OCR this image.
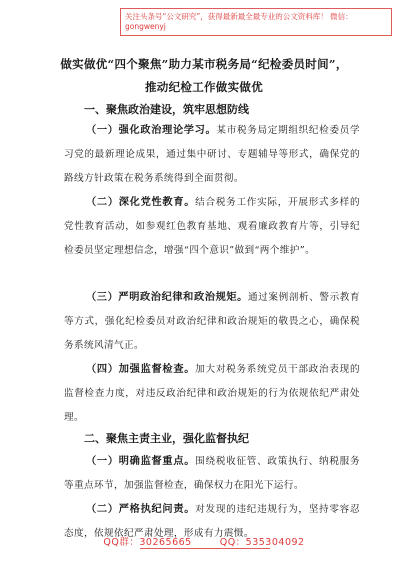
关注头条号“公文研究”，获得最新最全最专业的公文资料库！ 微信：gongwenyj
做实做优“四个聚焦”助力某市税务局“纪检委员时间”，
推动纪检工作做实做优
一、聚焦政治建设，筑牢思想防线
（一）强化政治理论学习。某市税务局定期组织纪检委员学习党的最新理论成果，通过集中研讨、专题辅导等形式，确保党的路线方针政策在税务系统得到全面贯彻。
（二）深化党性教育。结合税务工作实际，开展形式多样的党性教育活动，如参观红色教育基地、观看廉政教育片等，引导纪检委员坚定理想信念，增强“四个意识”做到“两个维护”。
（三）严明政治纪律和政治规矩。通过案例剖析、警示教育等方式，强化纪检委员对政治纪律和政治规矩的敬畏之心，确保税务系统风清气正。
（四）加强监督检查。加大对税务系统党员干部政治表现的监督检查力度，对违反政治纪律和政治规矩的行为依规依纪严肃处理。
二、聚焦主责主业，强化监督执纪
（一）明确监督重点。围绕税收征管、政策执行、纳税服务等重点环节，加强监督检查，确保权力在阳光下运行。
（二）严格执纪问责。对发现的违纪违规行为，坚持零容忍态度，依规依纪严肃处理，形成有力震慑。
QQ群：30265665	QQ：535304092
